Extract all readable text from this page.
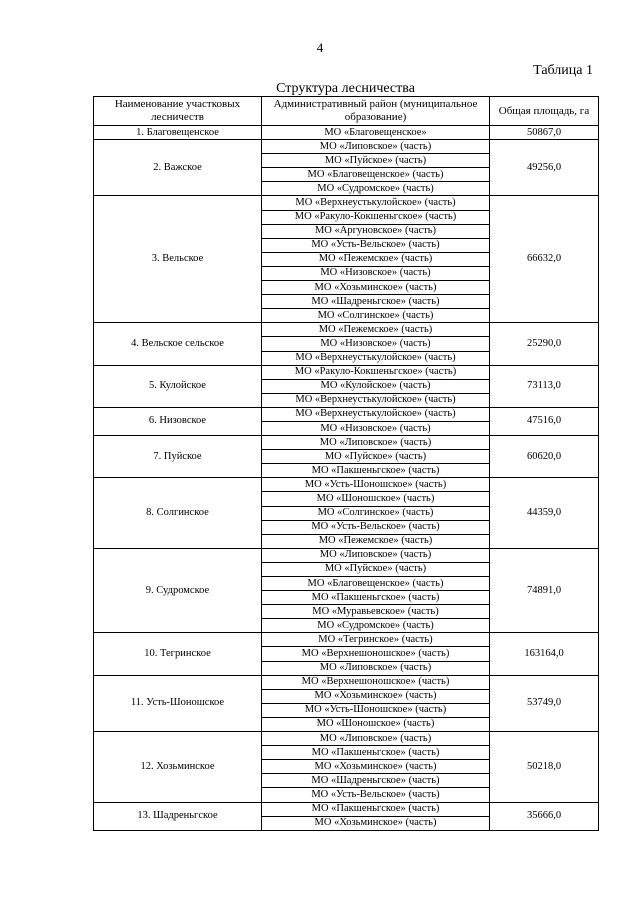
4
Таблица 1
Структура лесничества
Наименование участковых лесничеств	Административный район (муниципальное образование)	Общая площадь, га
1. Благовещенское	МО «Благовещенское»	50867,0
2. Важское	МО «Липовское» (часть)	49256,0
	МО «Пуйское» (часть)	
	МО «Благовещенское» (часть)	
	МО «Судромское» (часть)	
3. Вельское	МО «Верхнеустькулойское» (часть)	66632,0
	МО «Ракуло-Кокшеньгское» (часть)	
	МО «Аргуновское» (часть)	
	МО «Усть-Вельское» (часть)	
	МО «Пежемское» (часть)	
	МО «Низовское» (часть)	
	МО «Хозьминское» (часть)	
	МО «Шадреньгское» (часть)	
	МО «Солгинское» (часть)	
4. Вельское сельское	МО «Пежемское» (часть)	25290,0
	МО «Низовское» (часть)	
	МО «Верхнеустькулойское» (часть)	
5. Кулойское	МО «Ракуло-Кокшеньгское» (часть)	73113,0
	МО «Кулойское» (часть)	
	МО «Верхнеустькулойское» (часть)	
6. Низовское	МО «Верхнеустькулойское» (часть)	47516,0
	МО «Низовское» (часть)	
7. Пуйское	МО «Липовское» (часть)	60620,0
	МО «Пуйское» (часть)	
	МО «Пакшеньгское» (часть)	
8. Солгинское	МО «Усть-Шоношское» (часть)	44359,0
	МО «Шоношское» (часть)	
	МО «Солгинское» (часть)	
	МО «Усть-Вельское» (часть)	
	МО «Пежемское» (часть)	
9. Судромское	МО «Липовское» (часть)	74891,0
	МО «Пуйское» (часть)	
	МО «Благовещенское» (часть)	
	МО «Пакшеньгское» (часть)	
	МО «Муравьевское» (часть)	
	МО «Судромское» (часть)	
10. Тегринское	МО «Тегринское» (часть)	163164,0
	МО «Верхнешоношское» (часть)	
	МО «Липовское» (часть)	
11. Усть-Шоношское	МО «Верхнешоношское» (часть)	53749,0
	МО «Хозьминское» (часть)	
	МО «Усть-Шоношское» (часть)	
	МО «Шоношское» (часть)	
12. Хозьминское	МО «Липовское» (часть)	50218,0
	МО «Пакшеньгское» (часть)	
	МО «Хозьминское» (часть)	
	МО «Шадреньгское» (часть)	
	МО «Усть-Вельское» (часть)	
13. Шадреньгское	МО «Пакшеньгское» (часть)	35666,0
	МО «Хозьминское» (часть)	
